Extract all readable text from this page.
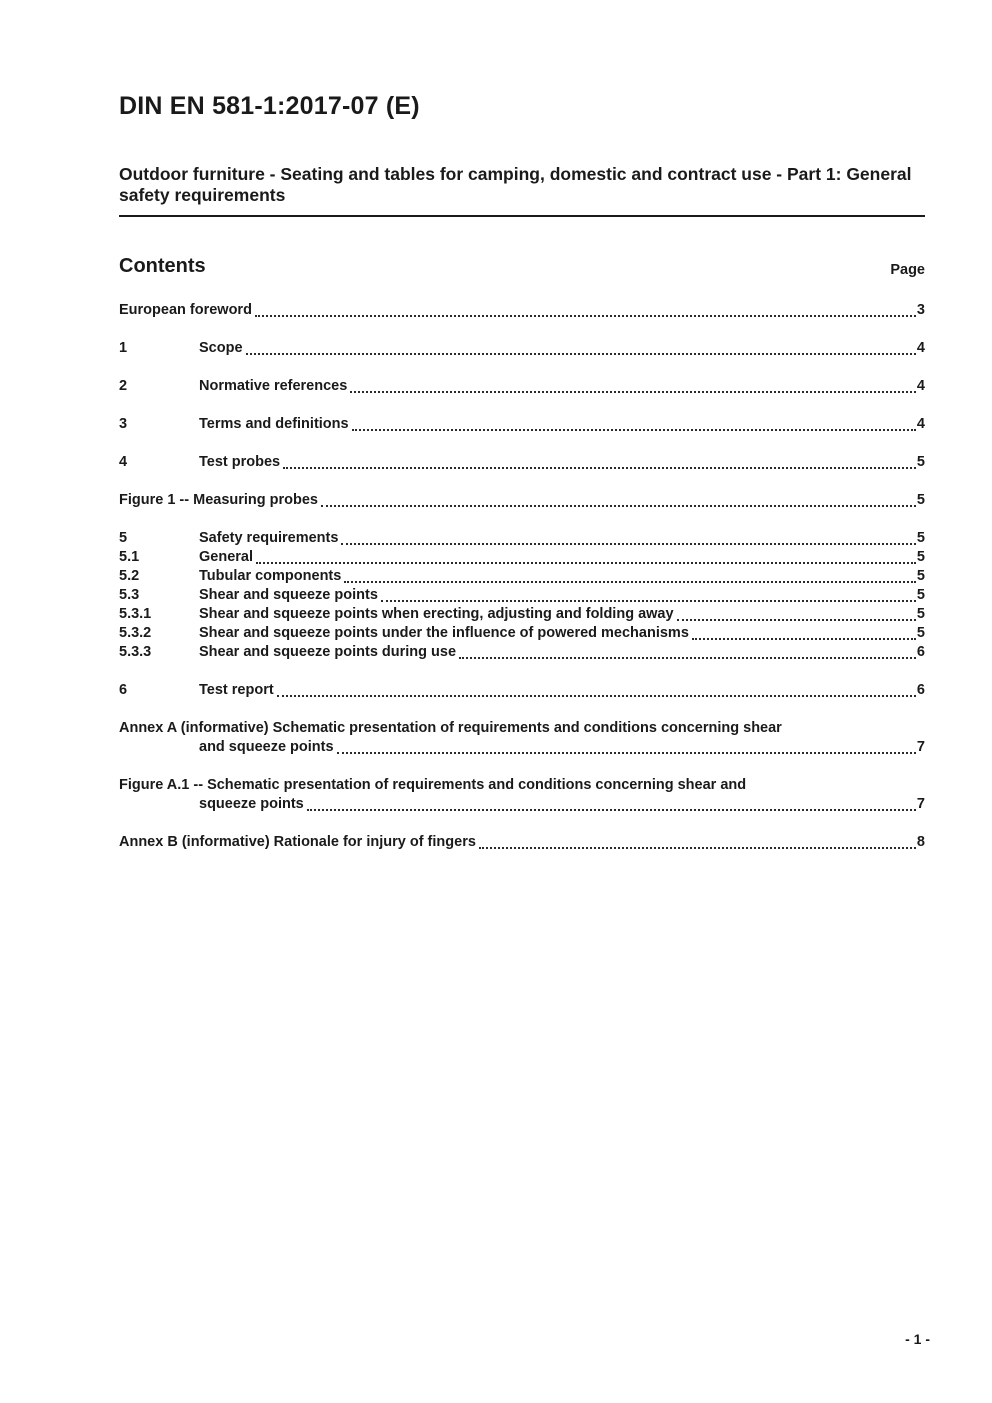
DIN EN 581-1:2017-07 (E)
Outdoor furniture - Seating and tables for camping, domestic and contract use - Part 1: General safety requirements
Contents	Page
European foreword	3
1	Scope	4
2	Normative references	4
3	Terms and definitions	4
4	Test probes	5
Figure 1 -- Measuring probes	5
5	Safety requirements	5
5.1	General	5
5.2	Tubular components	5
5.3	Shear and squeeze points	5
5.3.1	Shear and squeeze points when erecting, adjusting and folding away	5
5.3.2	Shear and squeeze points under the influence of powered mechanisms	5
5.3.3	Shear and squeeze points during use	6
6	Test report	6
Annex A (informative) Schematic presentation of requirements and conditions concerning shear
and squeeze points	7
Figure A.1 -- Schematic presentation of requirements and conditions concerning shear and
squeeze points	7
Annex B (informative) Rationale for injury of fingers	8
- 1 -
